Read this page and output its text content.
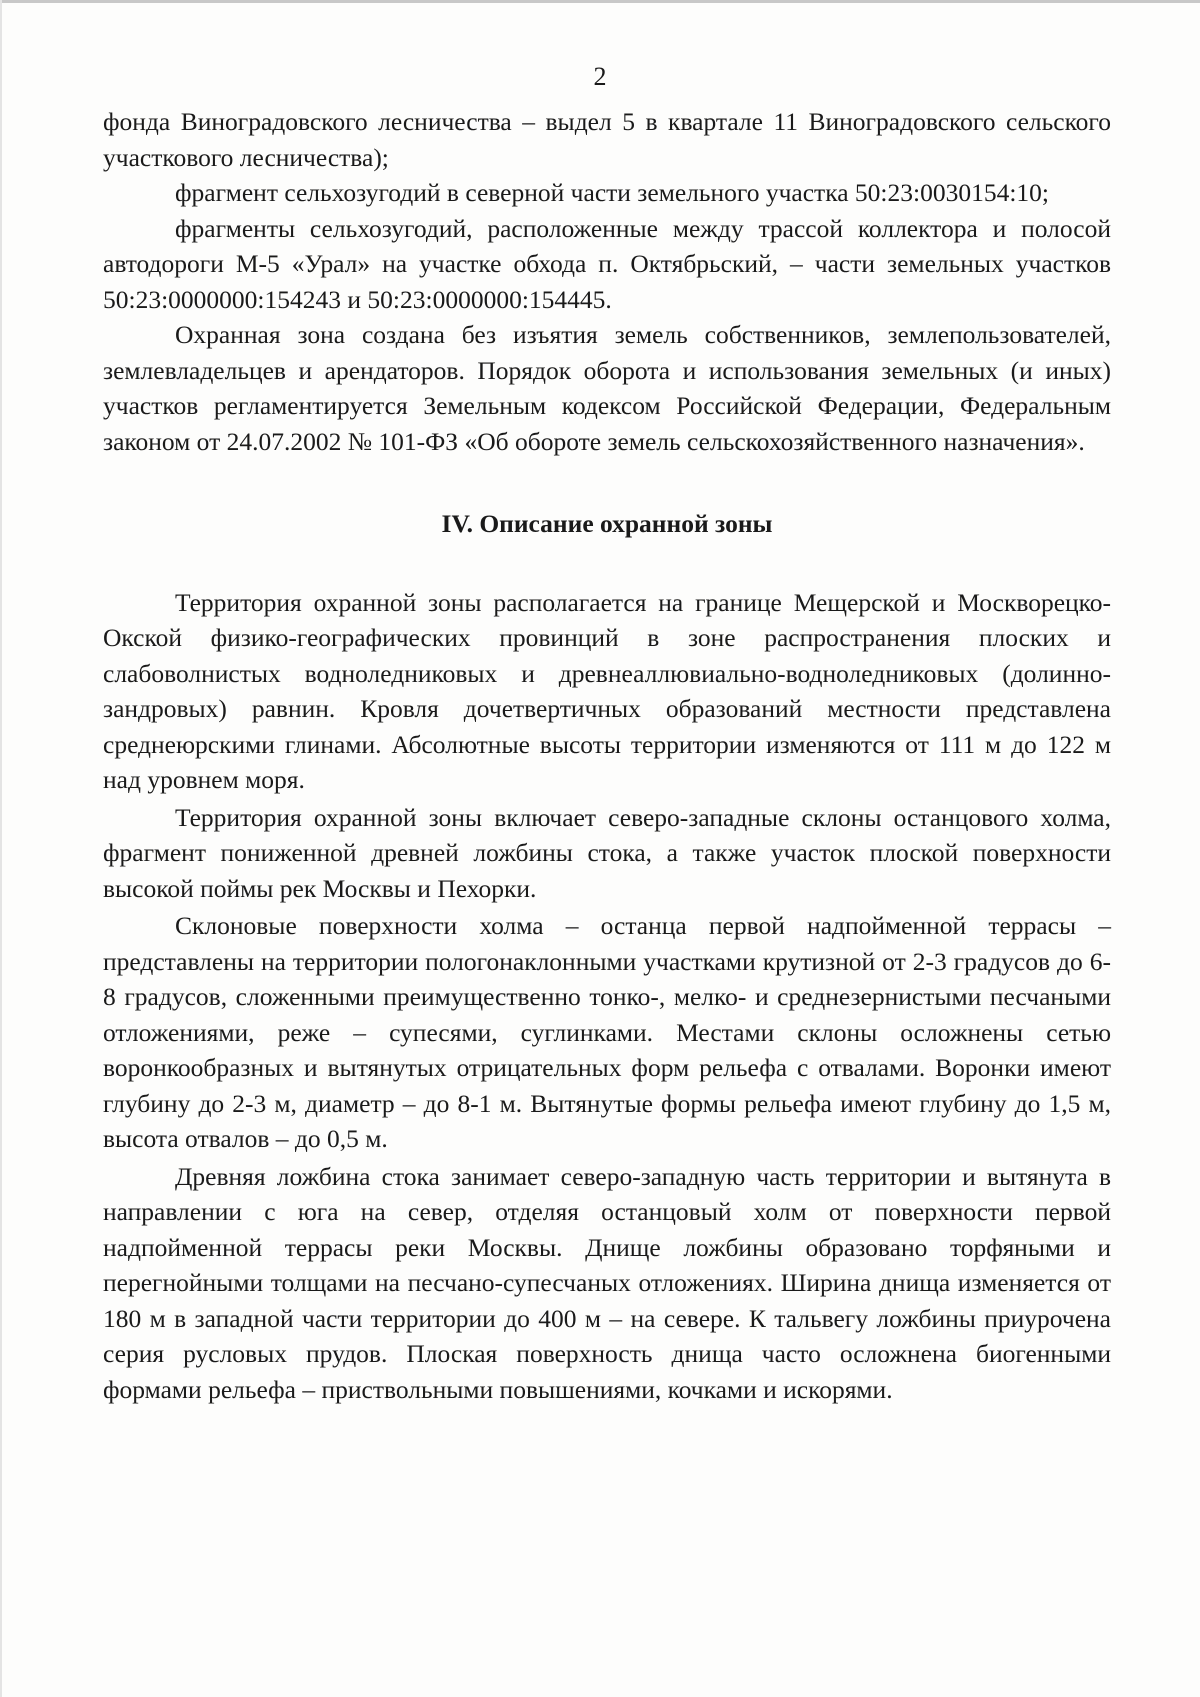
2

фонда Виноградовского лесничества – выдел 5 в квартале 11 Виноградовского сельского участкового лесничества);

фрагмент сельхозугодий в северной части земельного участка 50:23:0030154:10;

фрагменты сельхозугодий, расположенные между трассой коллектора и полосой автодороги М-5 «Урал» на участке обхода п. Октябрьский, – части земельных участков 50:23:0000000:154243 и 50:23:0000000:154445.

Охранная зона создана без изъятия земель собственников, землепользователей, землевладельцев и арендаторов. Порядок оборота и использования земельных (и иных) участков регламентируется Земельным кодексом Российской Федерации, Федеральным законом от 24.07.2002 № 101-ФЗ «Об обороте земель сельскохозяйственного назначения».

IV. Описание охранной зоны

Территория охранной зоны располагается на границе Мещерской и Москворецко-Окской физико-географических провинций в зоне распространения плоских и слабоволнистых водноледниковых и древнеаллювиально-водноледниковых (долинно-зандровых) равнин. Кровля дочетвертичных образований местности представлена среднеюрскими глинами. Абсолютные высоты территории изменяются от 111 м до 122 м над уровнем моря.

Территория охранной зоны включает северо-западные склоны останцового холма, фрагмент пониженной древней ложбины стока, а также участок плоской поверхности высокой поймы рек Москвы и Пехорки.

Склоновые поверхности холма – останца первой надпойменной террасы – представлены на территории пологонаклонными участками крутизной от 2-3 градусов до 6-8 градусов, сложенными преимущественно тонко-, мелко- и среднезернистыми песчаными отложениями, реже – супесями, суглинками. Местами склоны осложнены сетью воронкообразных и вытянутых отрицательных форм рельефа с отвалами. Воронки имеют глубину до 2-3 м, диаметр – до 8-1 м. Вытянутые формы рельефа имеют глубину до 1,5 м, высота отвалов – до 0,5 м.

Древняя ложбина стока занимает северо-западную часть территории и вытянута в направлении с юга на север, отделяя останцовый холм от поверхности первой надпойменной террасы реки Москвы. Днище ложбины образовано торфяными и перегнойными толщами на песчано-супесчаных отложениях. Ширина днища изменяется от 180 м в западной части территории до 400 м – на севере. К тальвегу ложбины приурочена серия русловых прудов. Плоская поверхность днища часто осложнена биогенными формами рельефа – приствольными повышениями, кочками и искорями.
